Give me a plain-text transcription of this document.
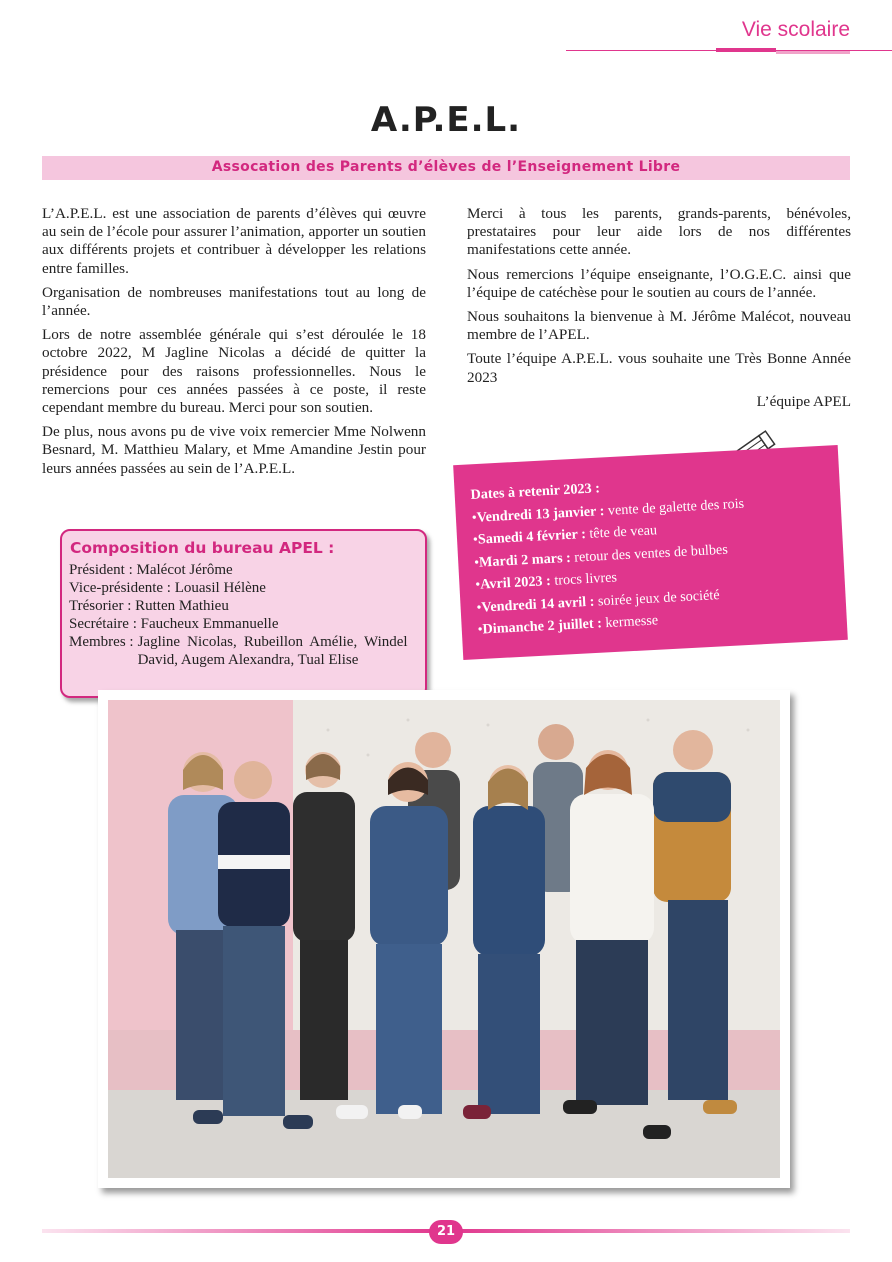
Vie scolaire
A.P.E.L.
Assocation des Parents d’élèves de l’Enseignement Libre

L’A.P.E.L. est une association de parents d’élèves qui œuvre au sein de l’école pour assurer l’animation, apporter un soutien aux différents projets et contribuer à développer les relations entre familles.

Organisation de nombreuses manifestations tout au long de l’année.

Lors de notre assemblée générale qui s’est déroulée le 18 octobre 2022, M Jagline Nicolas a décidé de quitter la présidence pour des raisons professionnelles. Nous le remercions pour ces années passées à ce poste, il reste cependant membre du bureau. Merci pour son soutien.

De plus, nous avons pu de vive voix remercier Mme Nolwenn Besnard, M. Matthieu Malary, et Mme Amandine Jestin pour leurs années passées au sein de l’A.P.E.L.

Merci à tous les parents, grands-parents, bénévoles, prestataires pour leur aide lors de nos différentes manifestations cette année.

Nous remercions l’équipe enseignante, l’O.G.E.C. ainsi que l’équipe de catéchèse pour le soutien au cours de l’année.

Nous souhaitons la bienvenue à M. Jérôme Malécot, nouveau membre de l’APEL.

Toute l’équipe A.P.E.L. vous souhaite une Très Bonne Année 2023

L’équipe APEL
Dates à retenir 2023 :
•Vendredi 13 janvier : vente de galette des rois
•Samedi 4 février : tête de veau
•Mardi 2 mars : retour des ventes de bulbes
•Avril 2023 : trocs livres
•Vendredi 14 avril : soirée jeux de société
•Dimanche 2 juillet : kermesse
Composition du bureau APEL :
Président : Malécot Jérôme
Vice-présidente : Louasil Hélène
Trésorier : Rutten Mathieu
Secrétaire : Faucheux Emmanuelle
Membres : Jagline Nicolas, Rubeillon Amélie, Windel David, Augem Alexandra, Tual Elise
21
